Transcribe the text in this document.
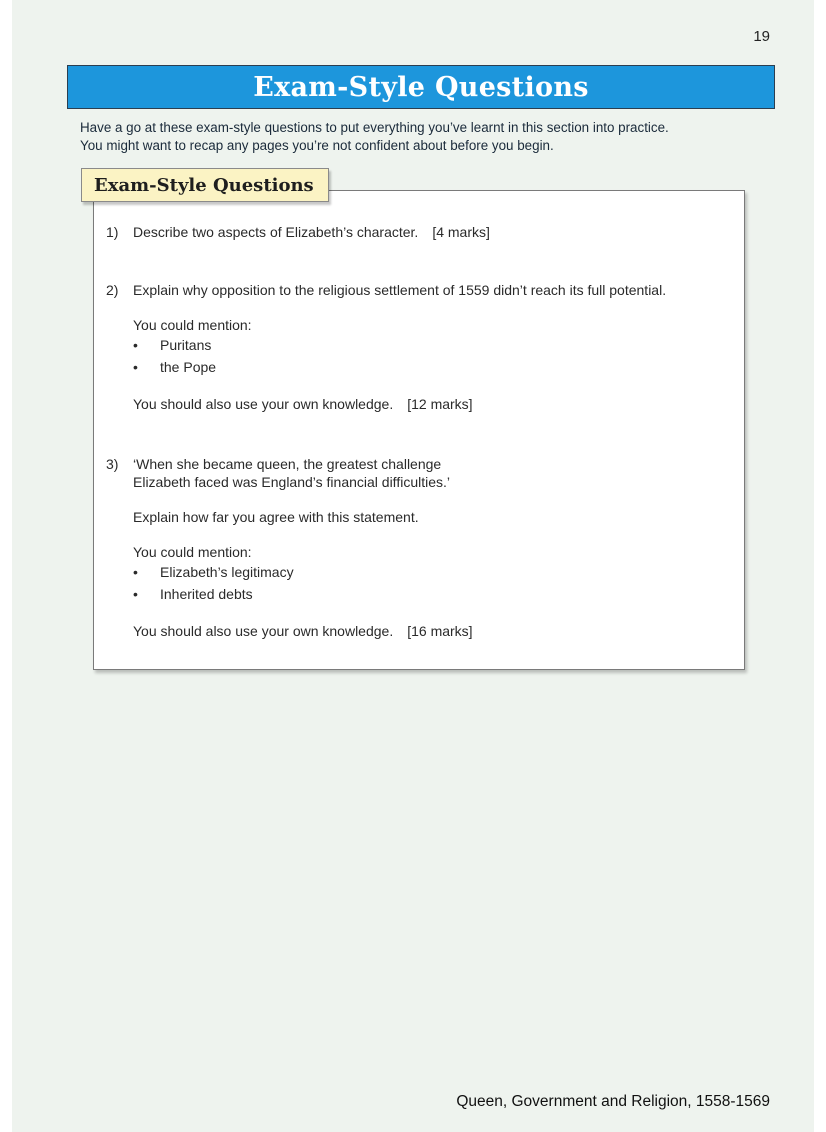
19
Exam-Style Questions

Have a go at these exam-style questions to put everything you’ve learnt in this section into practice.

You might want to recap any pages you’re not confident about before you begin.

Exam-Style Questions
1)	Describe two aspects of Elizabeth’s character. [4 marks]
2)	Explain why opposition to the religious settlement of 1559 didn’t reach its full potential.
You could mention:
• Puritans
• the Pope
You should also use your own knowledge. [12 marks]
3)	‘When she became queen, the greatest challenge
Elizabeth faced was England’s financial difficulties.’
Explain how far you agree with this statement.
You could mention:
• Elizabeth’s legitimacy
• Inherited debts
You should also use your own knowledge. [16 marks]
Queen, Government and Religion, 1558-1569
